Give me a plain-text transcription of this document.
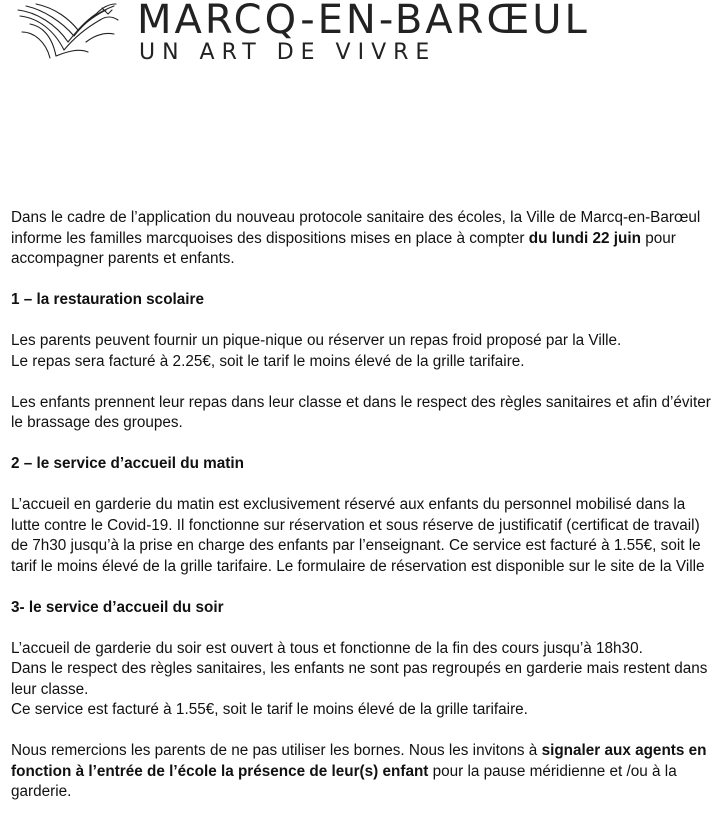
MARCQ-EN-BARŒUL
UN ART DE VIVRE

Dans le cadre de l’application du nouveau protocole sanitaire des écoles, la Ville de Marcq-en-Barœul informe les familles marcquoises des dispositions mises en place à compter du lundi 22 juin pour accompagner parents et enfants.

1 – la restauration scolaire

Les parents peuvent fournir un pique-nique ou réserver un repas froid proposé par la Ville.

Le repas sera facturé à 2.25€, soit le tarif le moins élevé de la grille tarifaire.

Les enfants prennent leur repas dans leur classe et dans le respect des règles sanitaires et afin d’éviter le brassage des groupes.

2 – le service d’accueil du matin

L’accueil en garderie du matin est exclusivement réservé aux enfants du personnel mobilisé dans la lutte contre le Covid-19. Il fonctionne sur réservation et sous réserve de justificatif (certificat de travail) de 7h30 jusqu’à la prise en charge des enfants par l’enseignant. Ce service est facturé à 1.55€, soit le tarif le moins élevé de la grille tarifaire. Le formulaire de réservation est disponible sur le site de la Ville

3- le service d’accueil du soir

L’accueil de garderie du soir est ouvert à tous et fonctionne de la fin des cours jusqu’à 18h30.

Dans le respect des règles sanitaires, les enfants ne sont pas regroupés en garderie mais restent dans leur classe.

Ce service est facturé à 1.55€, soit le tarif le moins élevé de la grille tarifaire.

Nous remercions les parents de ne pas utiliser les bornes. Nous les invitons à signaler aux agents en fonction à l’entrée de l’école la présence de leur(s) enfant pour la pause méridienne et /ou à la garderie.
